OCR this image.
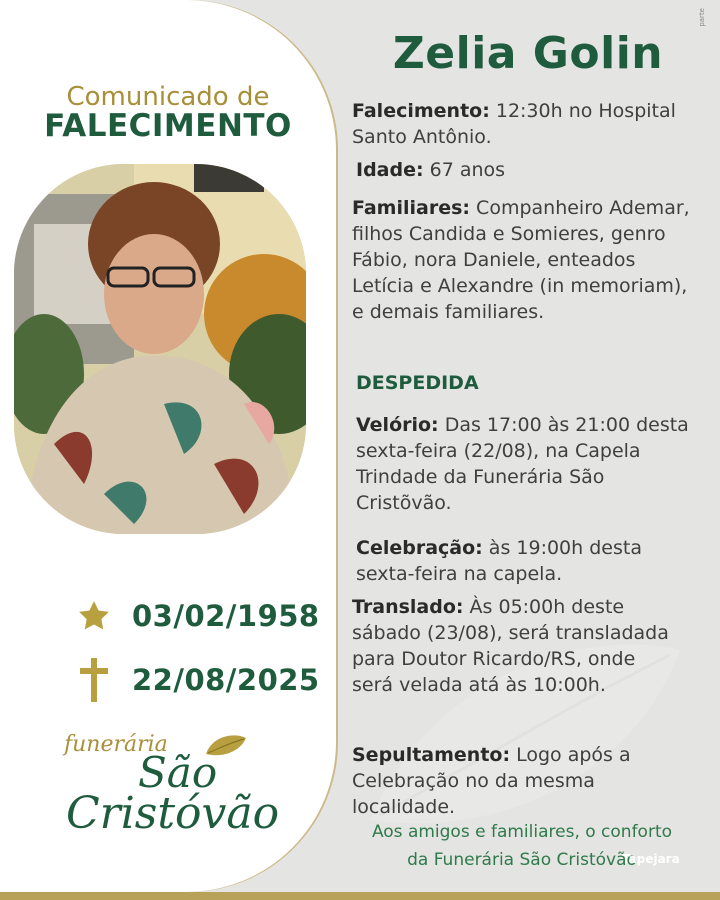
parte
Comunicado de
FALECIMENTO
03/02/1958
22/08/2025
funerária
São
Cristóvão
Zelia Golin
Falecimento: 12:30h no Hospital Santo Antônio.
Idade: 67 anos
Familiares: Companheiro Ademar, filhos Candida e Somieres, genro Fábio, nora Daniele, enteados Letícia e Alexandre (in memoriam), e demais familiares.
DESPEDIDA
Velório: Das 17:00 às 21:00 desta sexta-feira (22/08), na Capela Trindade da Funerária São Cristõvão.
Celebração: às 19:00h desta sexta-feira na capela.
Translado: Às 05:00h deste sábado (23/08), será transladada para Doutor Ricardo/RS, onde será velada atá às 10:00h.
Sepultamento: Logo após a Celebração no da mesma localidade.
Aos amigos e familiares, o conforto
da Funerária São Cristóvão
Tapejara
